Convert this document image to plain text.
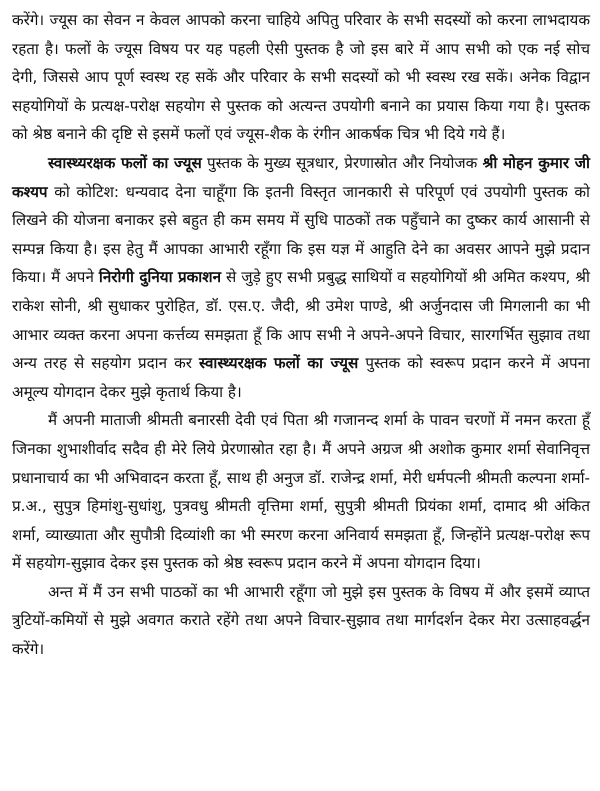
करेंगे। ज्यूस का सेवन न केवल आपको करना चाहिये अपितु परिवार के सभी सदस्यों को करना लाभदायक रहता है। फलों के ज्यूस विषय पर यह पहली ऐसी पुस्तक है जो इस बारे में आप सभी को एक नई सोच देगी, जिससे आप पूर्ण स्वस्थ रह सकें और परिवार के सभी सदस्यों को भी स्वस्थ रख सकें। अनेक विद्वान सहयोगियों के प्रत्यक्ष-परोक्ष सहयोग से पुस्तक को अत्यन्त उपयोगी बनाने का प्रयास किया गया है। पुस्तक को श्रेष्ठ बनाने की दृष्टि से इसमें फलों एवं ज्यूस-शैक के रंगीन आकर्षक चित्र भी दिये गये हैं।

स्वास्थ्यरक्षक फलों का ज्यूस पुस्तक के मुख्य सूत्रधार, प्रेरणास्रोत और नियोजक श्री मोहन कुमार जी कश्यप को कोटिश: धन्यवाद देना चाहूँगा कि इतनी विस्तृत जानकारी से परिपूर्ण एवं उपयोगी पुस्तक को लिखने की योजना बनाकर इसे बहुत ही कम समय में सुधि पाठकों तक पहुँचाने का दुष्कर कार्य आसानी से सम्पन्न किया है। इस हेतु मैं आपका आभारी रहूँगा कि इस यज्ञ में आहुति देने का अवसर आपने मुझे प्रदान किया। मैं अपने निरोगी दुनिया प्रकाशन से जुड़े हुए सभी प्रबुद्ध साथियों व सहयोगियों श्री अमित कश्यप, श्री राकेश सोनी, श्री सुधाकर पुरोहित, डॉ. एस.ए. जैदी, श्री उमेश पाण्डे, श्री अर्जुनदास जी मिगलानी का भी आभार व्यक्त करना अपना कर्त्तव्य समझता हूँ कि आप सभी ने अपने-अपने विचार, सारगर्भित सुझाव तथा अन्य तरह से सहयोग प्रदान कर स्वास्थ्यरक्षक फलों का ज्यूस पुस्तक को स्वरूप प्रदान करने में अपना अमूल्य योगदान देकर मुझे कृतार्थ किया है।

मैं अपनी माताजी श्रीमती बनारसी देवी एवं पिता श्री गजानन्द शर्मा के पावन चरणों में नमन करता हूँ जिनका शुभाशीर्वाद सदैव ही मेरे लिये प्रेरणास्रोत रहा है। मैं अपने अग्रज श्री अशोक कुमार शर्मा सेवानिवृत्त प्रधानाचार्य का भी अभिवादन करता हूँ, साथ ही अनुज डॉ. राजेन्द्र शर्मा, मेरी धर्मपत्नी श्रीमती कल्पना शर्मा-प्र.अ., सुपुत्र हिमांशु-सुधांशु, पुत्रवधु श्रीमती वृत्तिमा शर्मा, सुपुत्री श्रीमती प्रियंका शर्मा, दामाद श्री अंकित शर्मा, व्याख्याता और सुपौत्री दिव्यांशी का भी स्मरण करना अनिवार्य समझता हूँ, जिन्होंने प्रत्यक्ष-परोक्ष रूप में सहयोग-सुझाव देकर इस पुस्तक को श्रेष्ठ स्वरूप प्रदान करने में अपना योगदान दिया।

अन्त में मैं उन सभी पाठकों का भी आभारी रहूँगा जो मुझे इस पुस्तक के विषय में और इसमें व्याप्त त्रुटियों-कमियों से मुझे अवगत कराते रहेंगे तथा अपने विचार-सुझाव तथा मार्गदर्शन देकर मेरा उत्साहवर्द्धन करेंगे।
